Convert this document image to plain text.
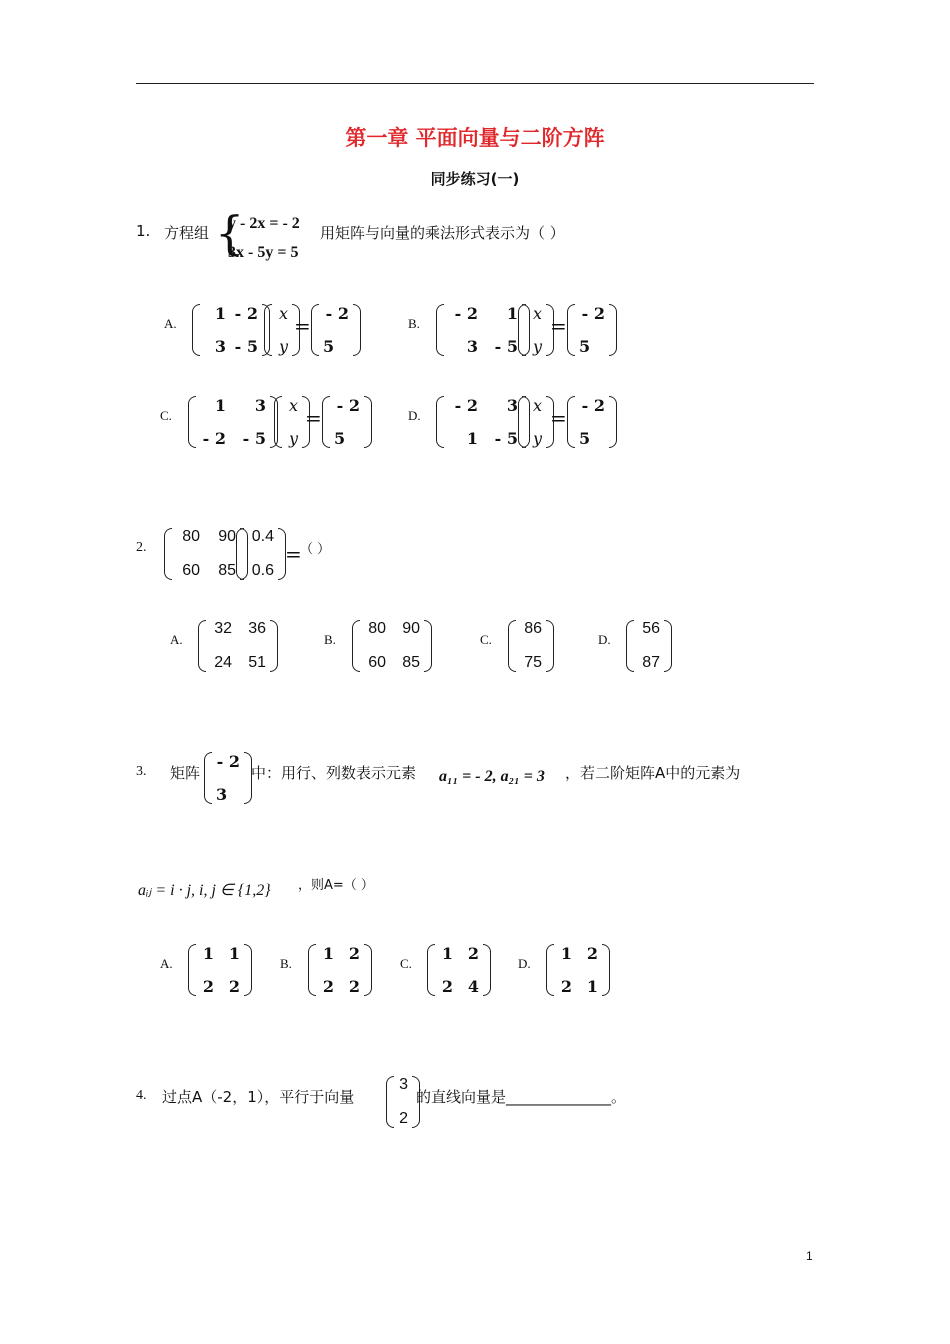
第一章 平面向量与二阶方阵
同步练习(一)
1. 方程组 {
y - 2x = - 2
3x - 5y = 5
用矩阵与向量的乘法形式表示为（ ）
A.
1 - 2
3 - 5
x
y
=
- 2
5
B.
- 2	1
3	- 5
x
y
=
- 2
5
C.
1	3
- 2	- 5
x
y
=
- 2
5
D.
- 2	3
1	- 5
x
y
=
- 2
5
2.
80	90
60	85
0.4
0.6
=
（ ）
A.
32	36
24	51
B.
80	90
60	85
C.
86
75
D.
56
87
3. 矩阵
- 2
3
中：用行、列数表示元素 a₁₁ = - 2, a₂₁ = 3 ，若二阶矩阵A中的元素为
aᵢⱼ = i · j, i, j ∈ {1,2} ，则A=（ ）
A.
1 1
2 2
B.
1 2
2 2
C.
1 2
2 4
D.
1 2
2 1
4. 过点A（-2，1），平行于向量
3
2
的直线向量是______________。
1
